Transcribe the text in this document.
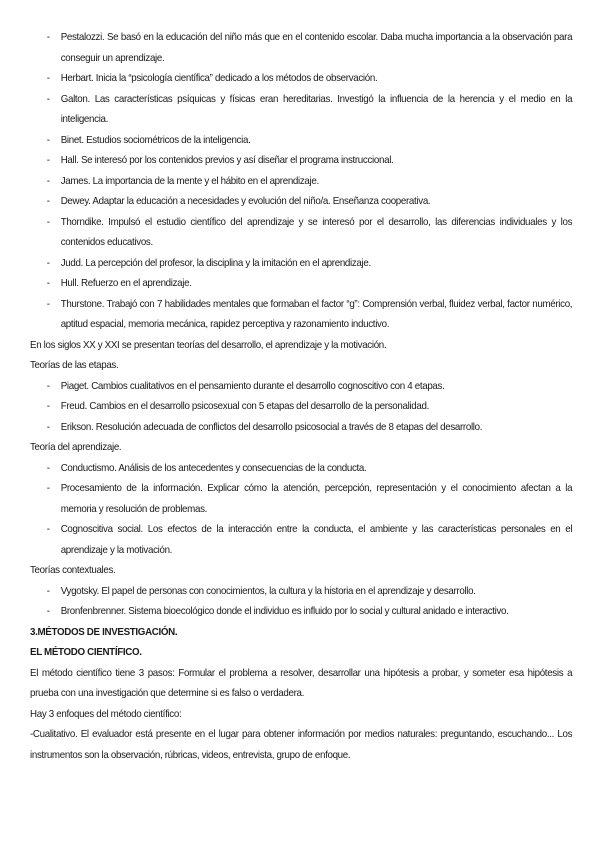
- Pestalozzi. Se basó en la educación del niño más que en el contenido escolar. Daba mucha importancia a la observación para conseguir un aprendizaje.
- Herbart. Inicia la “psicología científica” dedicado a los métodos de observación.
- Galton. Las características psíquicas y físicas eran hereditarias. Investigó la influencia de la herencia y el medio en la inteligencia.
- Binet. Estudios sociométricos de la inteligencia.
- Hall. Se interesó por los contenidos previos y así diseñar el programa instruccional.
- James. La importancia de la mente y el hábito en el aprendizaje.
- Dewey. Adaptar la educación a necesidades y evolución del niño/a. Enseñanza cooperativa.
- Thorndike. Impulsó el estudio científico del aprendizaje y se interesó por el desarrollo, las diferencias individuales y los contenidos educativos.
- Judd. La percepción del profesor, la disciplina y la imitación en el aprendizaje.
- Hull. Refuerzo en el aprendizaje.
- Thurstone. Trabajó con 7 habilidades mentales que formaban el factor “g”: Comprensión verbal, fluidez verbal, factor numérico, aptitud espacial, memoria mecánica, rapidez perceptiva y razonamiento inductivo.

En los siglos XX y XXI se presentan teorías del desarrollo, el aprendizaje y la motivación.

Teorías de las etapas.

- Piaget. Cambios cualitativos en el pensamiento durante el desarrollo cognoscitivo con 4 etapas.
- Freud. Cambios en el desarrollo psicosexual con 5 etapas del desarrollo de la personalidad.
- Erikson. Resolución adecuada de conflictos del desarrollo psicosocial a través de 8 etapas del desarrollo.

Teoría del aprendizaje.

- Conductismo. Análisis de los antecedentes y consecuencias de la conducta.
- Procesamiento de la información. Explicar cómo la atención, percepción, representación y el conocimiento afectan a la memoria y resolución de problemas.
- Cognoscitiva social. Los efectos de la interacción entre la conducta, el ambiente y las características personales en el aprendizaje y la motivación.

Teorías contextuales.

- Vygotsky. El papel de personas con conocimientos, la cultura y la historia en el aprendizaje y desarrollo.
- Bronfenbrenner. Sistema bioecológico donde el individuo es influido por lo social y cultural anidado e interactivo.

3.MÉTODOS DE INVESTIGACIÓN.

EL MÉTODO CIENTÍFICO.

El método científico tiene 3 pasos: Formular el problema a resolver, desarrollar una hipótesis a probar, y someter esa hipótesis a prueba con una investigación que determine si es falso o verdadera.

Hay 3 enfoques del método científico:

-Cualitativo. El evaluador está presente en el lugar para obtener información por medios naturales: preguntando, escuchando... Los instrumentos son la observación, rúbricas, videos, entrevista, grupo de enfoque.
